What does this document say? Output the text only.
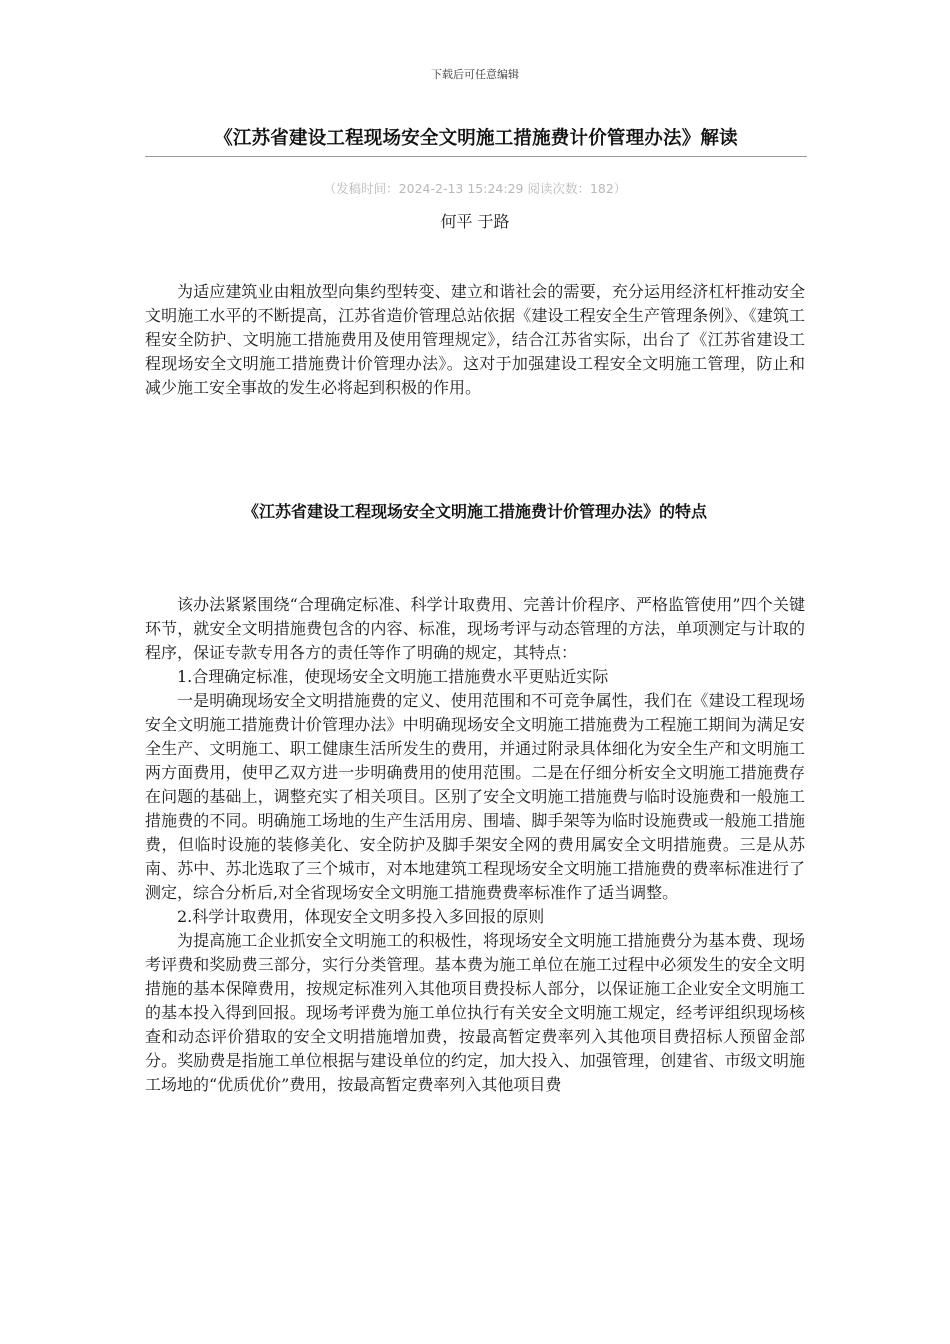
下载后可任意编辑
《江苏省建设工程现场安全文明施工措施费计价管理办法》解读
（发稿时间：2024-2-13 15:24:29 阅读次数：182）
何平 于路

为适应建筑业由粗放型向集约型转变、建立和谐社会的需要，充分运用经济杠杆推动安全文明施工水平的不断提高，江苏省造价管理总站依据《建设工程安全生产管理条例》、《建筑工程安全防护、文明施工措施费用及使用管理规定》，结合江苏省实际，出台了《江苏省建设工程现场安全文明施工措施费计价管理办法》。这对于加强建设工程安全文明施工管理，防止和减少施工安全事故的发生必将起到积极的作用。

《江苏省建设工程现场安全文明施工措施费计价管理办法》的特点

该办法紧紧围绕“合理确定标准、科学计取费用、完善计价程序、严格监管使用”四个关键环节，就安全文明措施费包含的内容、标准，现场考评与动态管理的方法，单项测定与计取的程序，保证专款专用各方的责任等作了明确的规定，其特点：

1.合理确定标准，使现场安全文明施工措施费水平更贴近实际

一是明确现场安全文明措施费的定义、使用范围和不可竞争属性，我们在《建设工程现场安全文明施工措施费计价管理办法》中明确现场安全文明施工措施费为工程施工期间为满足安全生产、文明施工、职工健康生活所发生的费用，并通过附录具体细化为安全生产和文明施工两方面费用，使甲乙双方进一步明确费用的使用范围。二是在仔细分析安全文明施工措施费存在问题的基础上，调整充实了相关项目。区别了安全文明施工措施费与临时设施费和一般施工措施费的不同。明确施工场地的生产生活用房、围墙、脚手架等为临时设施费或一般施工措施费，但临时设施的装修美化、安全防护及脚手架安全网的费用属安全文明措施费。三是从苏南、苏中、苏北选取了三个城市，对本地建筑工程现场安全文明施工措施费的费率标准进行了测定，综合分析后,对全省现场安全文明施工措施费费率标准作了适当调整。

2.科学计取费用，体现安全文明多投入多回报的原则

为提高施工企业抓安全文明施工的积极性，将现场安全文明施工措施费分为基本费、现场考评费和奖励费三部分，实行分类管理。基本费为施工单位在施工过程中必须发生的安全文明措施的基本保障费用，按规定标准列入其他项目费投标人部分，以保证施工企业安全文明施工的基本投入得到回报。现场考评费为施工单位执行有关安全文明施工规定，经考评组织现场核查和动态评价猎取的安全文明措施增加费，按最高暂定费率列入其他项目费招标人预留金部分。奖励费是指施工单位根据与建设单位的约定，加大投入、加强管理，创建省、市级文明施工场地的“优质优价”费用，按最高暂定费率列入其他项目费
